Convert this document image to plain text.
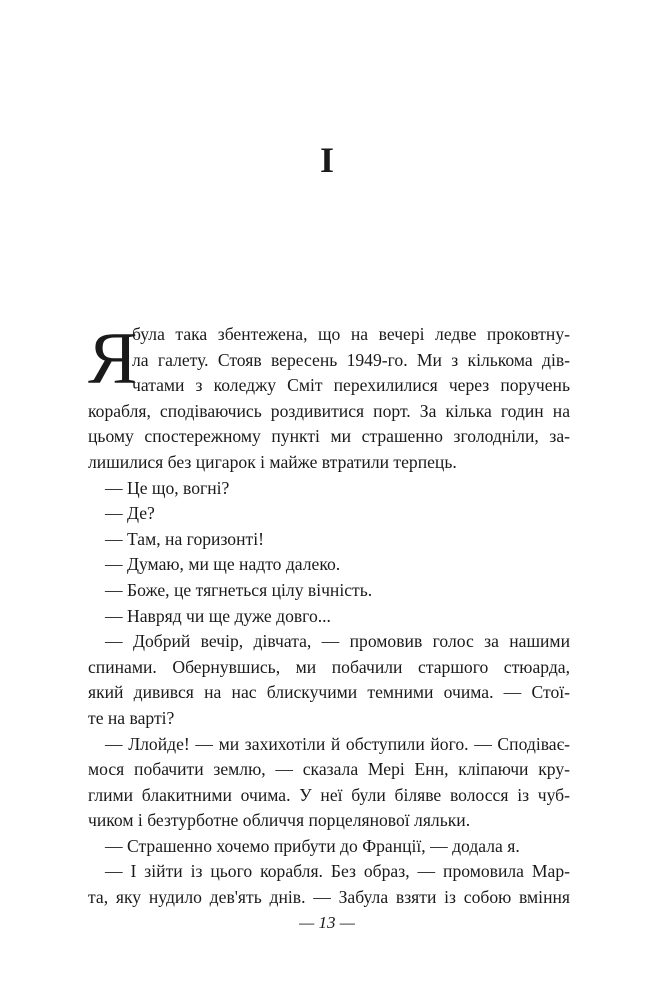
І
Я

була така збентежена, що на вечері ледве проковтну-

ла галету. Стояв вересень 1949-го. Ми з кількома дів-

чатами з коледжу Сміт перехилилися через поручень

корабля, сподіваючись роздивитися порт. За кілька годин на

цьому спостережному пункті ми страшенно зголодніли, за-

лишилися без цигарок і майже втратили терпець.

— Це що, вогні?

— Де?

— Там, на горизонті!

— Думаю, ми ще надто далеко.

— Боже, це тягнеться цілу вічність.

— Навряд чи ще дуже довго...

— Добрий вечір, дівчата, — промовив голос за нашими

спинами. Обернувшись, ми побачили старшого стюарда,

який дивився на нас блискучими темними очима. — Стої-

те на варті?

— Ллойде! — ми захихотіли й обступили його. — Сподіває-

мося побачити землю, — сказала Мері Енн, кліпаючи кру-

глими блакитними очима. У неї були біляве волосся із чуб-

чиком і безтурботне обличчя порцелянової ляльки.

— Страшенно хочемо прибути до Франції, — додала я.

— І зійти із цього корабля. Без образ, — промовила Мар-

та, яку нудило дев'ять днів. — Забула взяти із собою вміння

— 13 —
